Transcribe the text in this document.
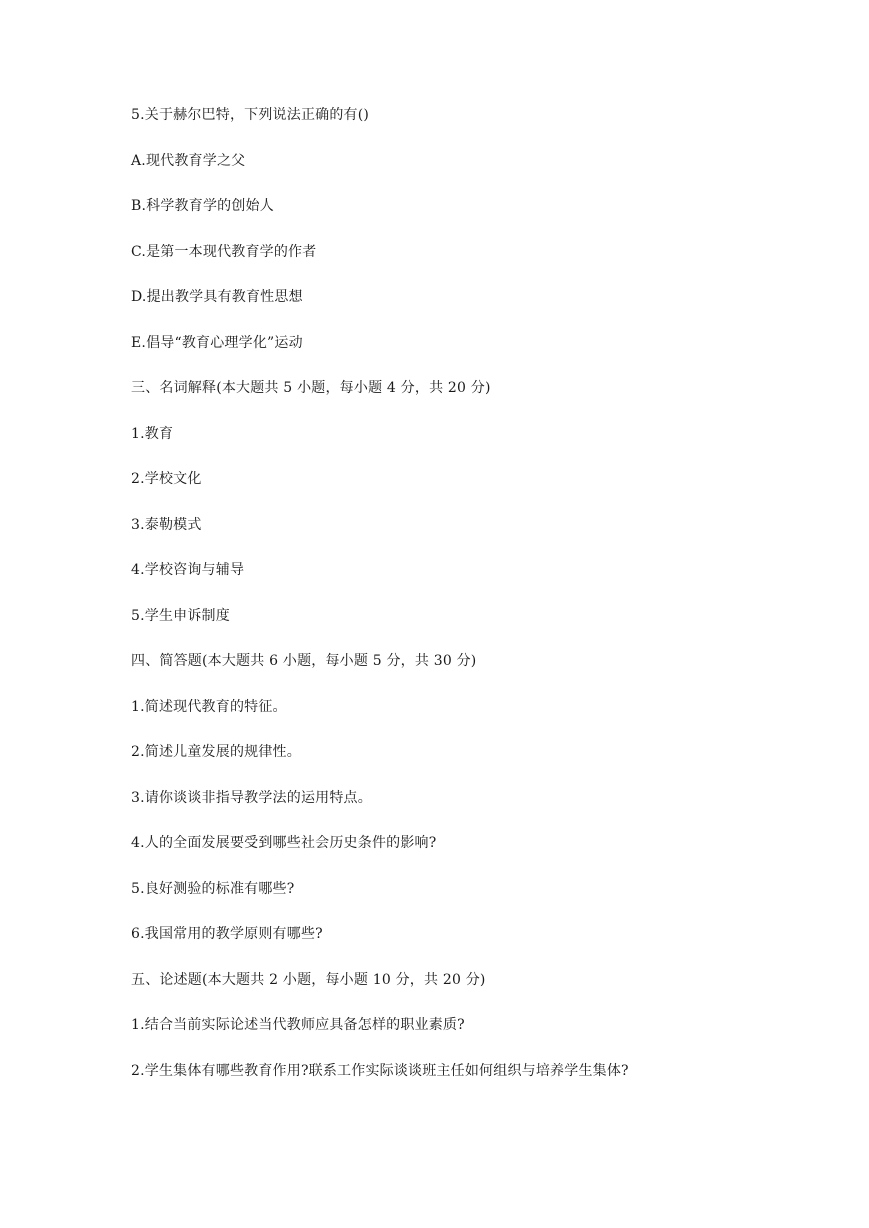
5.关于赫尔巴特，下列说法正确的有()
A.现代教育学之父
B.科学教育学的创始人
C.是第一本现代教育学的作者
D.提出教学具有教育性思想
E.倡导“教育心理学化”运动
三、名词解释(本大题共 5 小题，每小题 4 分，共 20 分)
1.教育
2.学校文化
3.泰勒模式
4.学校咨询与辅导
5.学生申诉制度
四、简答题(本大题共 6 小题，每小题 5 分，共 30 分)
1.简述现代教育的特征。
2.简述儿童发展的规律性。
3.请你谈谈非指导教学法的运用特点。
4.人的全面发展要受到哪些社会历史条件的影响?
5.良好测验的标准有哪些?
6.我国常用的教学原则有哪些?
五、论述题(本大题共 2 小题，每小题 10 分，共 20 分)
1.结合当前实际论述当代教师应具备怎样的职业素质?
2.学生集体有哪些教育作用?联系工作实际谈谈班主任如何组织与培养学生集体?
